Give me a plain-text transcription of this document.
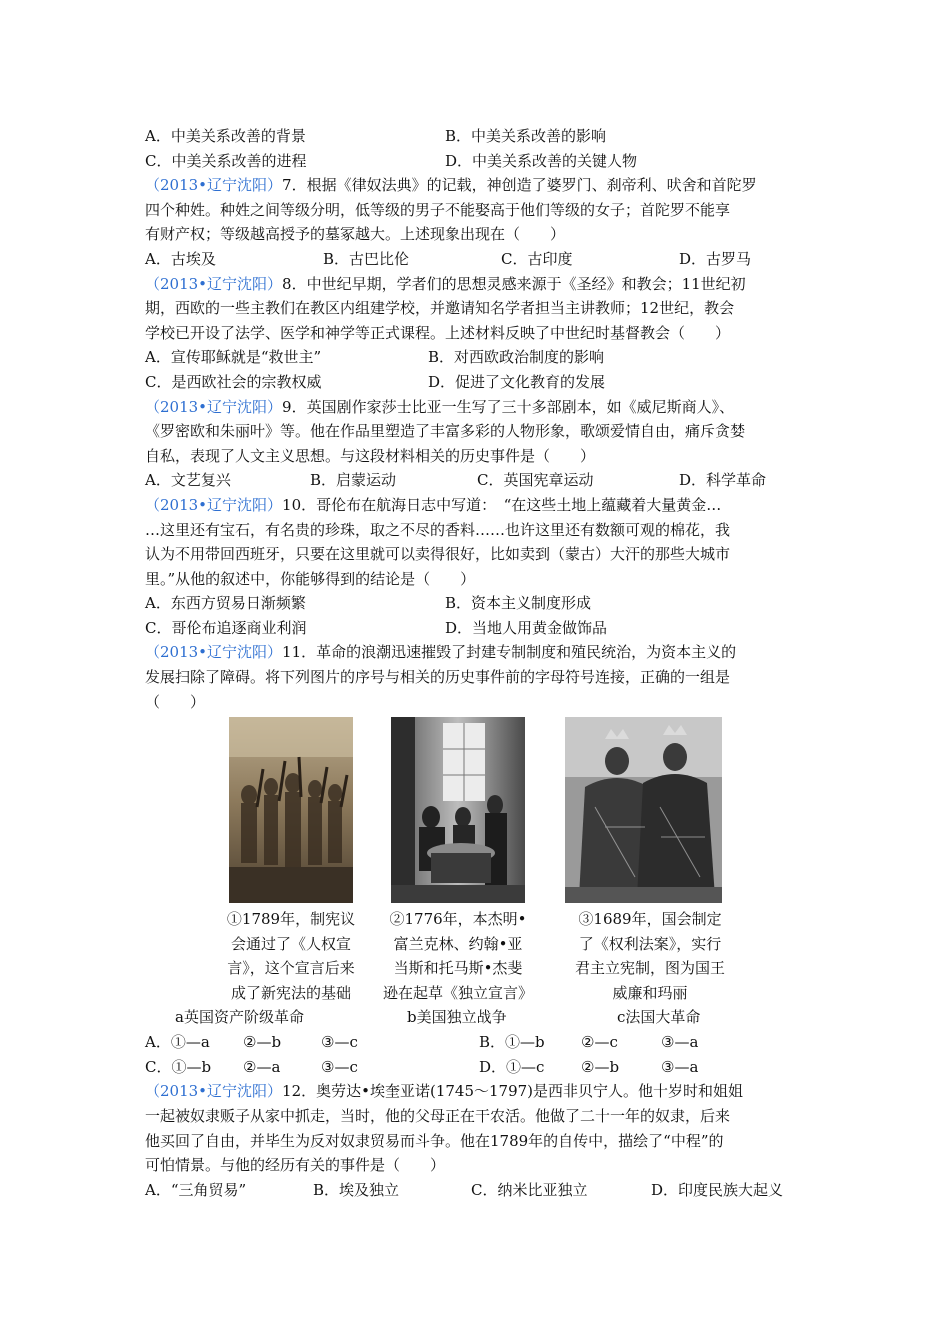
A．中美关系改善的背景	B．中美关系改善的影响
C．中美关系改善的进程	D．中美关系改善的关键人物
（2013•辽宁沈阳）7．根据《律奴法典》的记载，神创造了婆罗门、刹帝利、吠舍和首陀罗
四个种姓。种姓之间等级分明，低等级的男子不能娶高于他们等级的女子；首陀罗不能享
有财产权；等级越高授予的墓冢越大。上述现象出现在（　　）
A．古埃及	B．古巴比伦	C．古印度	D．古罗马
（2013•辽宁沈阳）8．中世纪早期，学者们的思想灵感来源于《圣经》和教会；11世纪初
期，西欧的一些主教们在教区内组建学校，并邀请知名学者担当主讲教师；12世纪，教会
学校已开设了法学、医学和神学等正式课程。上述材料反映了中世纪时基督教会（　　）
A．宣传耶稣就是“救世主”	B．对西欧政治制度的影响
C．是西欧社会的宗教权威	D．促进了文化教育的发展
（2013•辽宁沈阳）9．英国剧作家莎士比亚一生写了三十多部剧本，如《威尼斯商人》、
《罗密欧和朱丽叶》等。他在作品里塑造了丰富多彩的人物形象，歌颂爱情自由，痛斥贪婪
自私，表现了人文主义思想。与这段材料相关的历史事件是（　　）
A．文艺复兴	B．启蒙运动	C．英国宪章运动	D．科学革命
（2013•辽宁沈阳）10．哥伦布在航海日志中写道：　“在这些土地上蕴藏着大量黄金…
…这里还有宝石，有名贵的珍珠，取之不尽的香料……也许这里还有数额可观的棉花，我
认为不用带回西班牙，只要在这里就可以卖得很好，比如卖到（蒙古）大汗的那些大城市
里。”从他的叙述中，你能够得到的结论是（　　）
A．东西方贸易日渐频繁	B．资本主义制度形成
C．哥伦布追逐商业利润	D．当地人用黄金做饰品
（2013•辽宁沈阳）11．革命的浪潮迅速摧毁了封建专制制度和殖民统治，为资本主义的
发展扫除了障碍。将下列图片的序号与相关的历史事件前的字母符号连接，正确的一组是
（　　）
①1789年，制宪议
会通过了《人权宣
言》，这个宣言后来
成了新宪法的基础
②1776年，本杰明•
富兰克林、约翰•亚
当斯和托马斯•杰斐
逊在起草《独立宣言》
③1689年，国会制定
了《权利法案》，实行
君主立宪制，图为国王
威廉和玛丽
a英国资产阶级革命	b美国独立战争	c法国大革命
A．①—a ②—b	③—c	B．①—b ②—c	③—a
C．①—b ②—a	③—c	D．①—c ②—b	③—a
（2013•辽宁沈阳）12．奥劳达•埃奎亚诺(1745～1797)是西非贝宁人。他十岁时和姐姐
一起被奴隶贩子从家中抓走，当时，他的父母正在干农活。他做了二十一年的奴隶，后来
他买回了自由，并毕生为反对奴隶贸易而斗争。他在1789年的自传中，描绘了“中程”的
可怕情景。与他的经历有关的事件是（　　）
A．“三角贸易”	B．埃及独立	C．纳米比亚独立	D．印度民族大起义
